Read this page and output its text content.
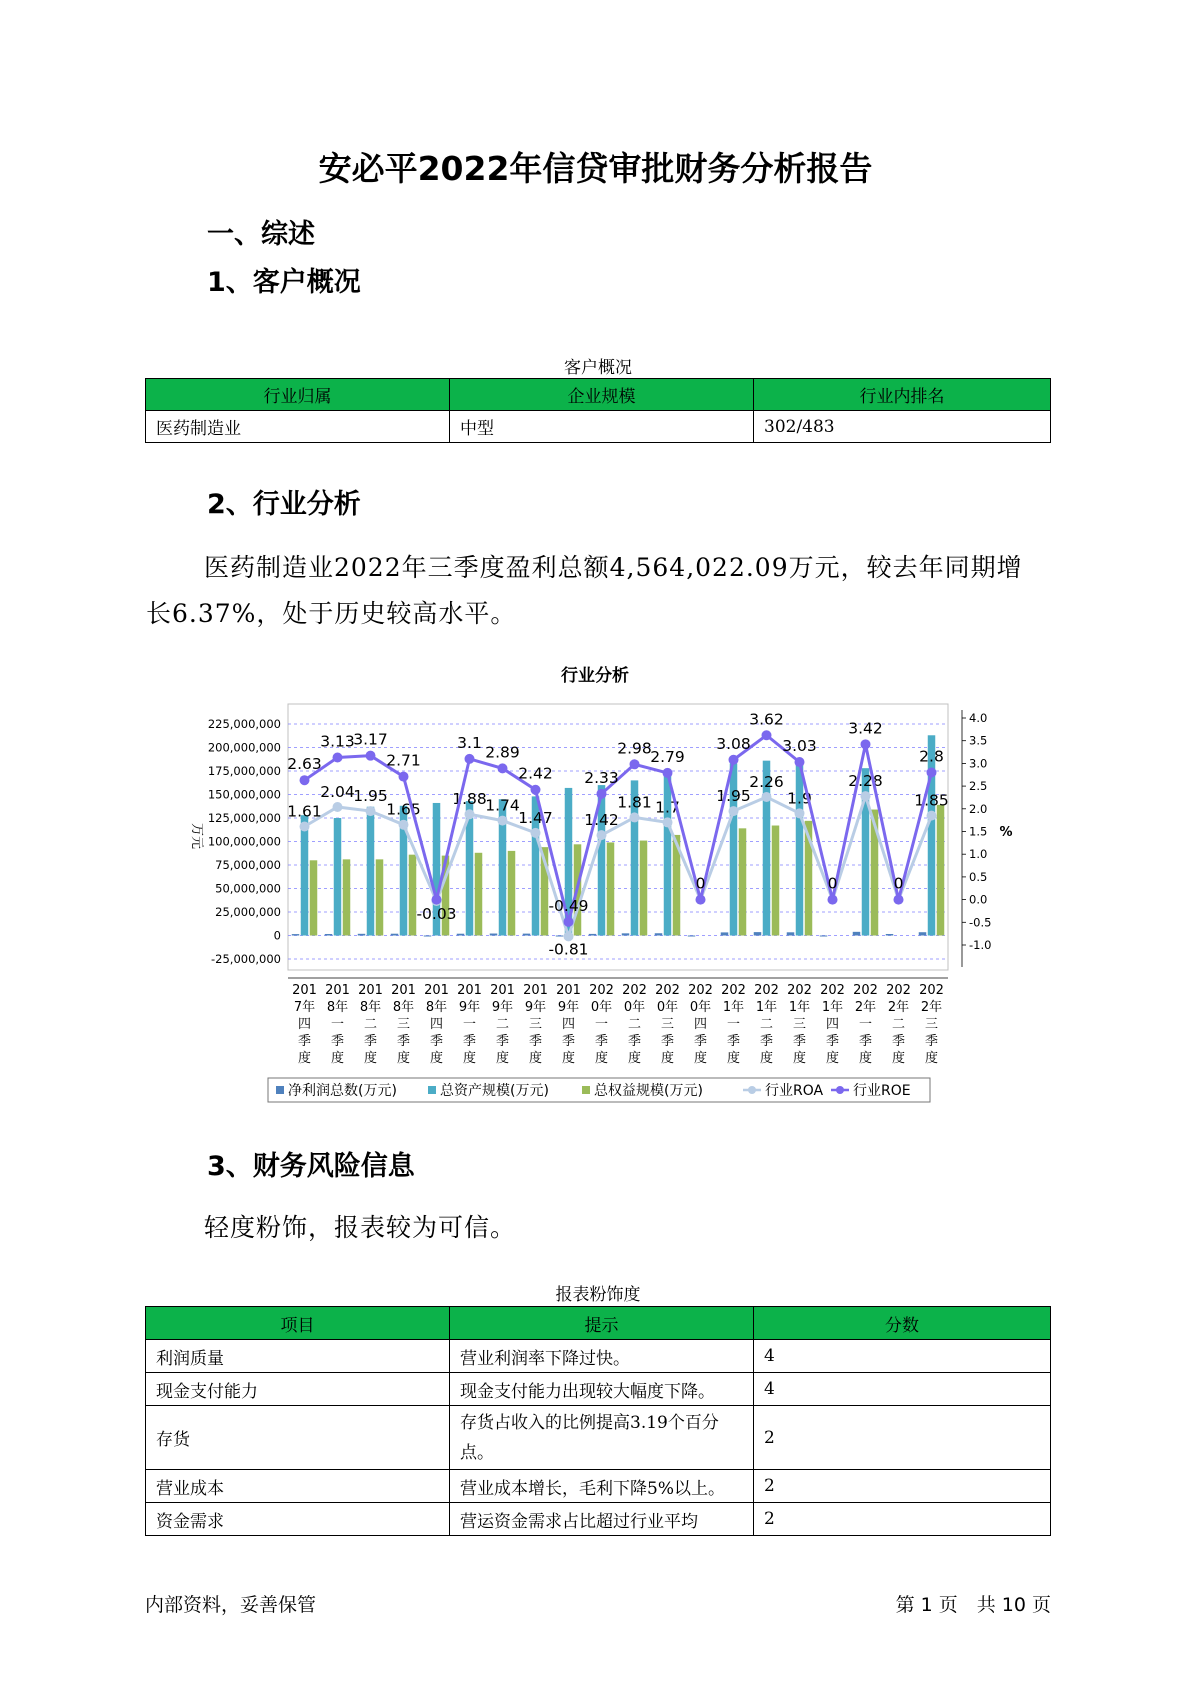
安必平2022年信贷审批财务分析报告
一、综述
1、客户概况
客户概况
行业归属	企业规模	行业内排名
医药制造业	中型	302/483
2、行业分析
医药制造业2022年三季度盈利总额4,564,022.09万元，较去年同期增
长6.37%，处于历史较高水平。
行业分析
225,000,000
200,000,000
175,000,000
150,000,000
125,000,000
100,000,000
75,000,000
50,000,000
25,000,000
0
-25,000,000
万元
4.0
3.5
3.0
2.5
2.0
1.5
1.0
0.5
0.0
-0.5
-1.0
%
1.61
2.04
1.95
1.65
-0.03
1.88
1.74
1.47
-0.81
1.42
1.81 1.7
1.95
2.26
1.9
2.28
1.85
2.63
3.13
3.17
2.71
3.1
2.89
2.42
-0.49
2.33
2.98
2.79
0
3.08
3.62
3.03
0
3.42
0
2.8
201 7年四季度
201 8年一季度
201 8年二季度
201 8年三季度
201 8年四季度
201 9年一季度
201 9年二季度
201 9年三季度
201 9年四季度
202 0年一季度
202 0年二季度
202 0年三季度
202 0年四季度
202 1年一季度
202 1年二季度
202 1年三季度
202 1年四季度
202 2年一季度
202 2年二季度
202 2年三季度
净利润总数(万元)	总资产规模(万元)	总权益规模(万元)	行业ROA 行业ROE
3、财务风险信息
轻度粉饰，报表较为可信。
报表粉饰度
项目	提示	分数
利润质量	营业利润率下降过快。	4
现金支付能力	现金支付能力出现较大幅度下降。	4
存货	存货占收入的比例提高3.19个百分点。	2
营业成本	营业成本增长，毛利下降5%以上。	2
资金需求	营运资金需求占比超过行业平均	2
内部资料，妥善保管	第 1 页　共 10 页
